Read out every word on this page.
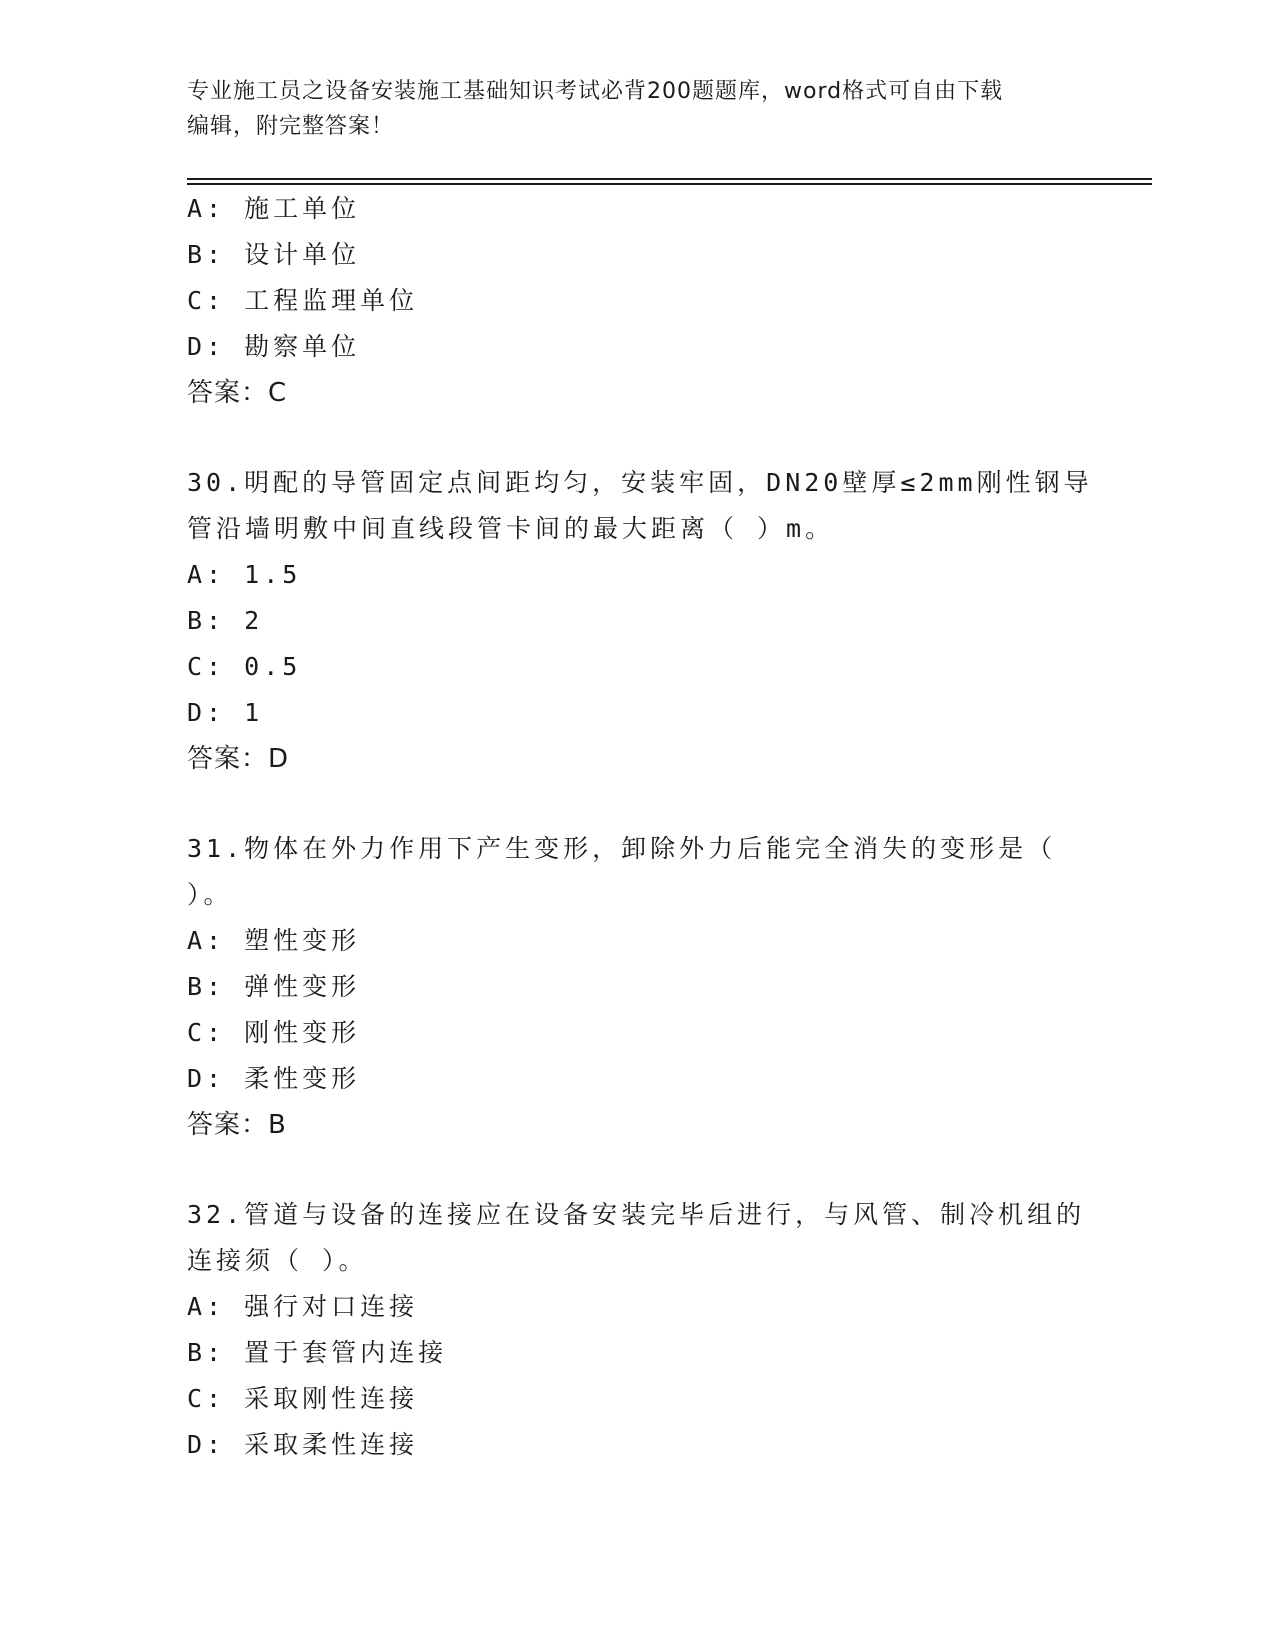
专业施工员之设备安装施工基础知识考试必背200题题库，word格式可自由下载
编辑，附完整答案！
A: 施工单位
B: 设计单位
C: 工程监理单位
D: 勘察单位
答案：C
30.明配的导管固定点间距均匀，安装牢固，DN20壁厚≤2mm刚性钢导
管沿墙明敷中间直线段管卡间的最大距离（ ）m。
A: 1.5
B: 2
C: 0.5
D: 1
答案：D
31.物体在外力作用下产生变形，卸除外力后能完全消失的变形是（
）。
A: 塑性变形
B: 弹性变形
C: 刚性变形
D: 柔性变形
答案：B
32.管道与设备的连接应在设备安装完毕后进行，与风管、制冷机组的
连接须（ ）。
A: 强行对口连接
B: 置于套管内连接
C: 采取刚性连接
D: 采取柔性连接
